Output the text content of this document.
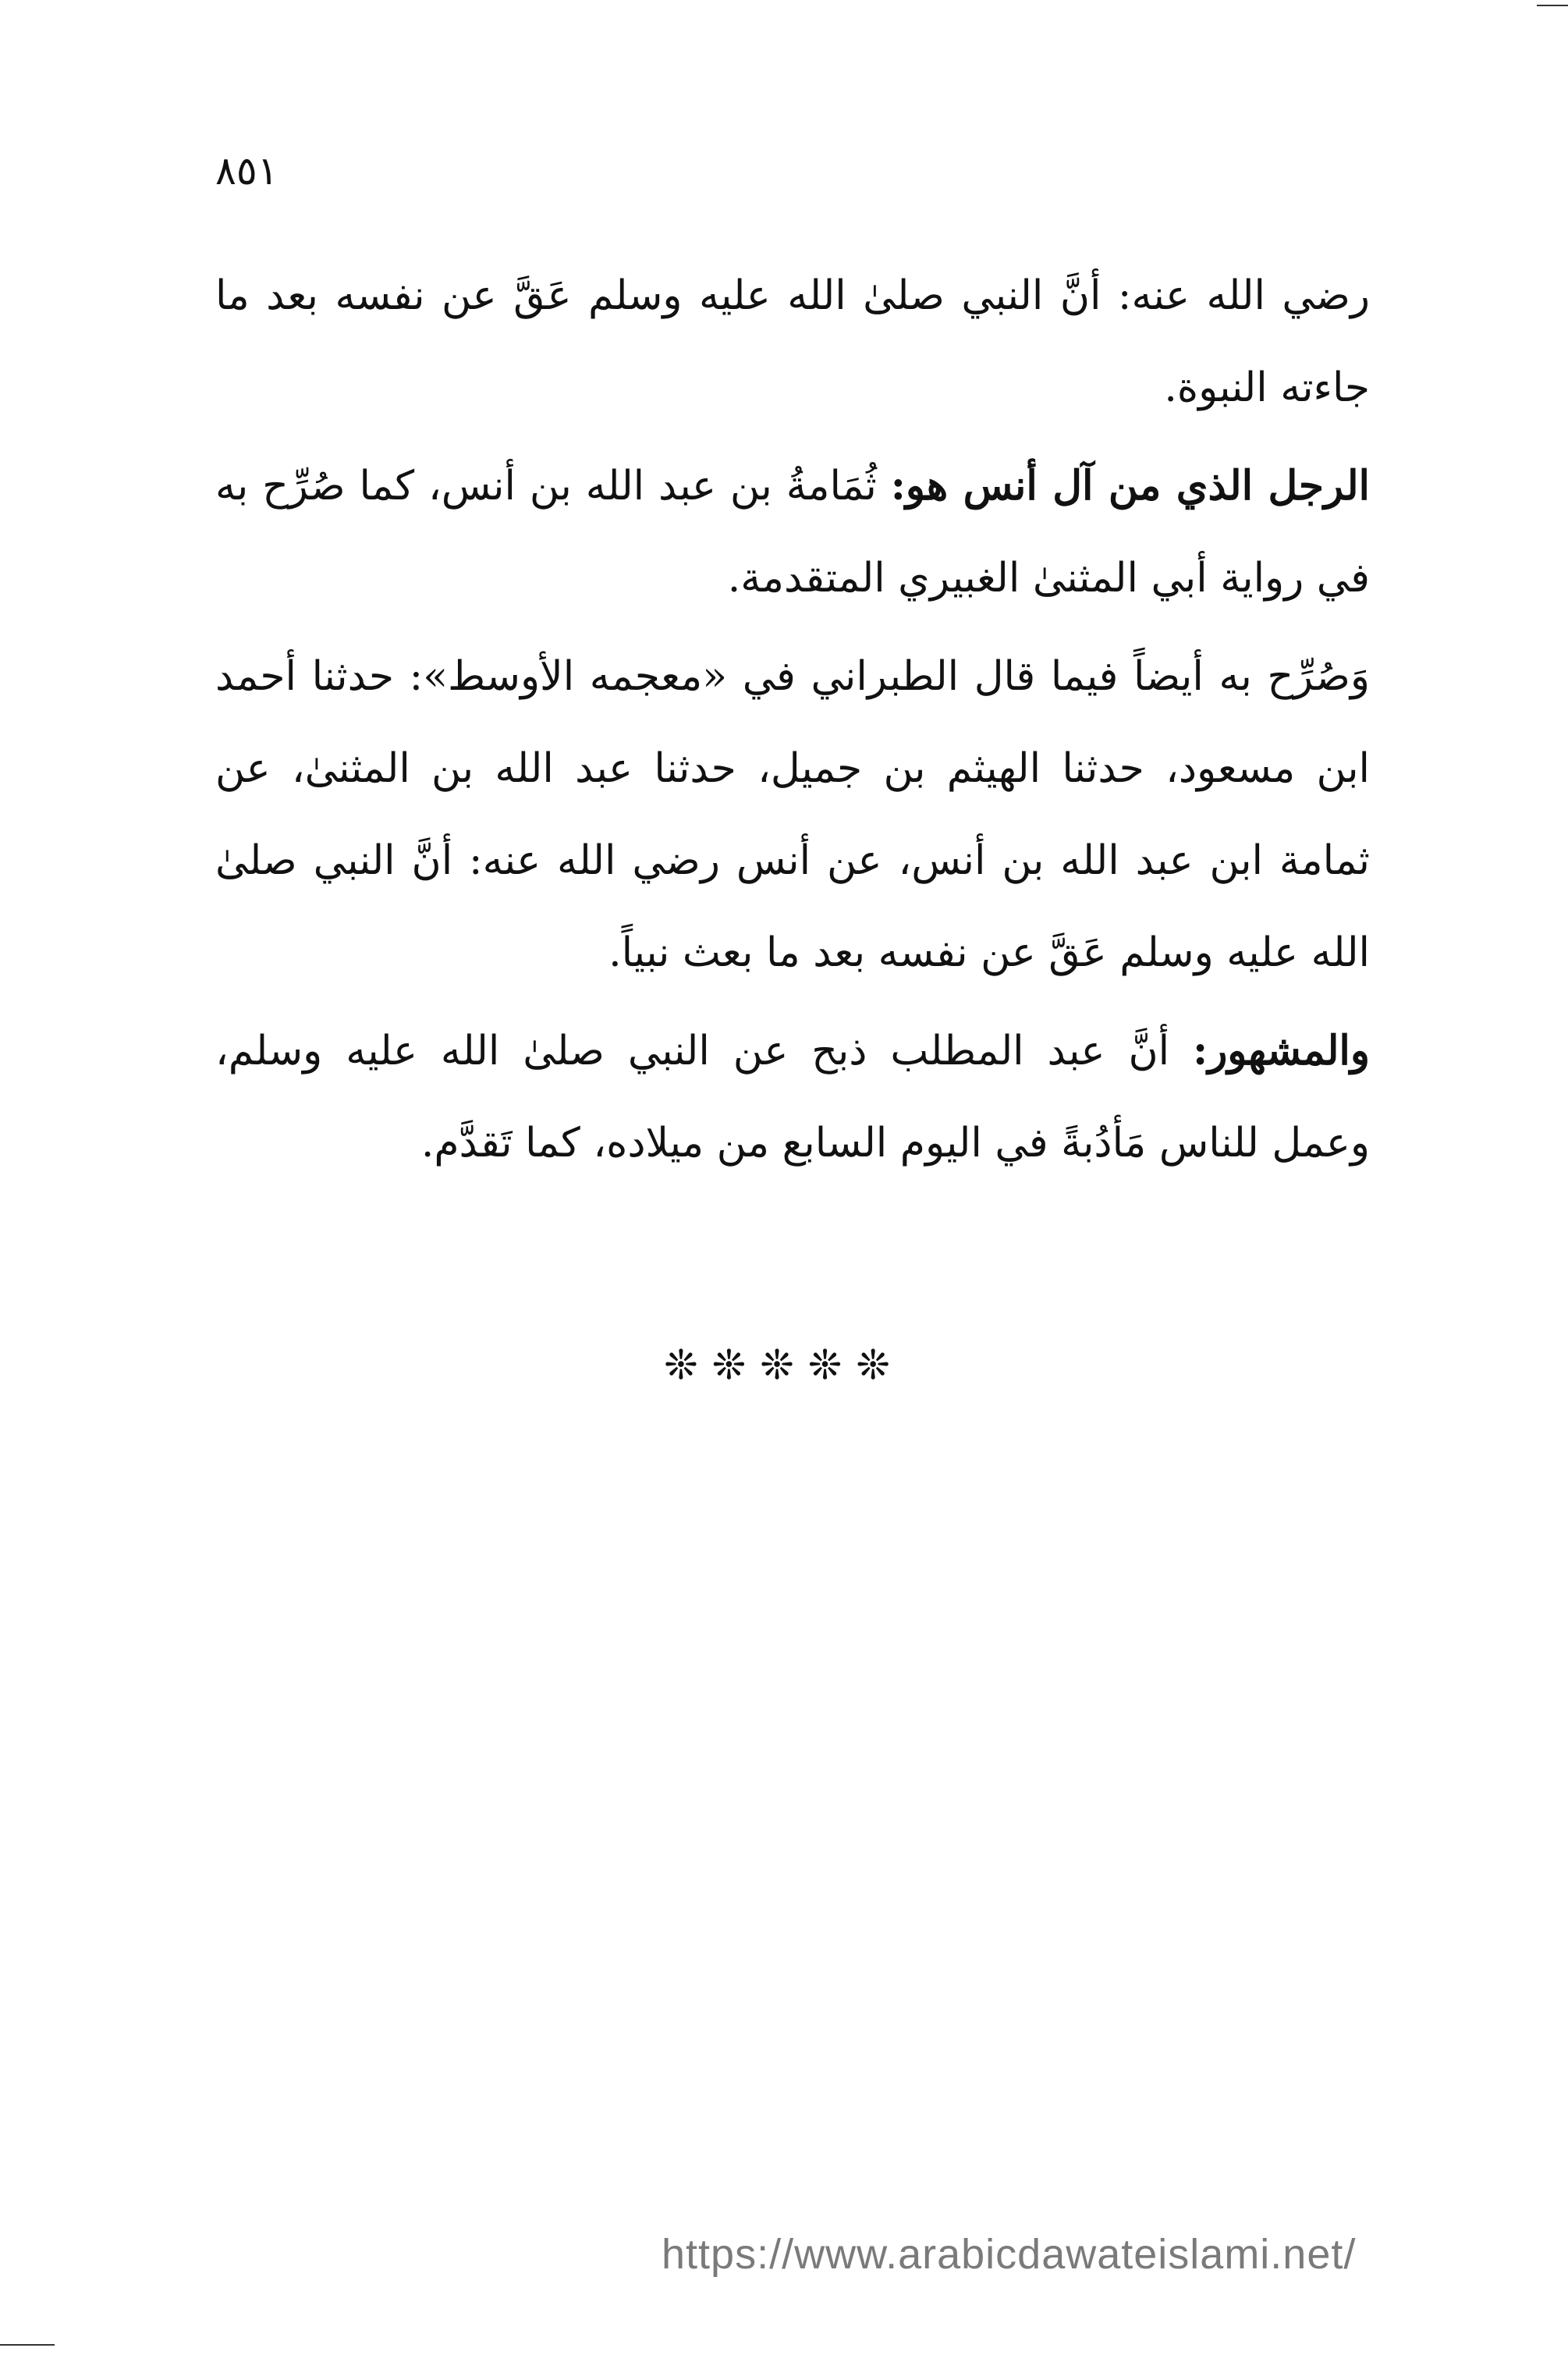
٨٥١

رضي الله عنه: أنَّ النبي صلىٰ الله عليه وسلم عَقَّ عن نفسه بعد ما جاءته النبوة.

الرجل الذي من آل أنس هو: ثُمَامةُ بن عبد الله بن أنس، كما صُرِّح به في رواية أبي المثنىٰ الغبيري المتقدمة.

وَصُرِّح به أيضاً فيما قال الطبراني في «معجمه الأوسط»: حدثنا أحمد ابن مسعود، حدثنا الهيثم بن جميل، حدثنا عبد الله بن المثنىٰ، عن ثمامة ابن عبد الله بن أنس، عن أنس رضي الله عنه: أنَّ النبي صلىٰ الله عليه وسلم عَقَّ عن نفسه بعد ما بعث نبياً.

والمشهور: أنَّ عبد المطلب ذبح عن النبي صلىٰ الله عليه وسلم، وعمل للناس مَأدُبةً في اليوم السابع من ميلاده، كما تَقدَّم.

❊❊❊❊❊
https://www.arabicdawateislami.net/
